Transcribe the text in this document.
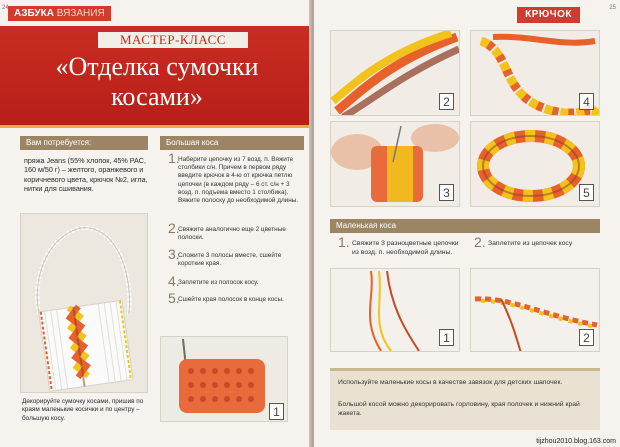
АЗБУКА ВЯЗАНИЯ
24
МАСТЕР-КЛАСС
«Отделка сумочки
косами»
Вам потребуется:
пряжа Jeans (55% хлопок, 45% PAC, 160 м/50 г) – желтого, оранжевого и коричневого цвета, крючок №2, игла, нитки для сшивания.
Большая коса
1.
Наберите цепочку из 7 возд. п. Вяжите столбики с/н. Причем в первом ряду введите крючок в 4-ю от крючка петлю цепочки (в каждом ряду – 6 ст. с/н + 3 возд. п. подъема вместо 1 столбика). Вяжите полоску до необходимой длины.
2.
Свяжите аналогично еще 2 цветные полоски.
3.
Сложите 3 полосы вместе, сшейте короткие края.
4.
Заплетите из полосок косу.
5.
Сшейте края полосок в конце косы.
Декорируйте сумочку косами, пришив по краям маленькие косички и по центру – большую косу.	1
КРЮЧОК
25
2	4
3	5
Маленькая коса
1. Свяжите 3 разноцветные цепочки из возд. п. необходимой длины.
2. Заплетите из цепочек косу
1	2
Используйте маленькие косы в качестве завязок для детских шапочек.
Большой косой можно декорировать горловину, края полочек и нижний край жакета.
tijzhou2010.blog.163.com
